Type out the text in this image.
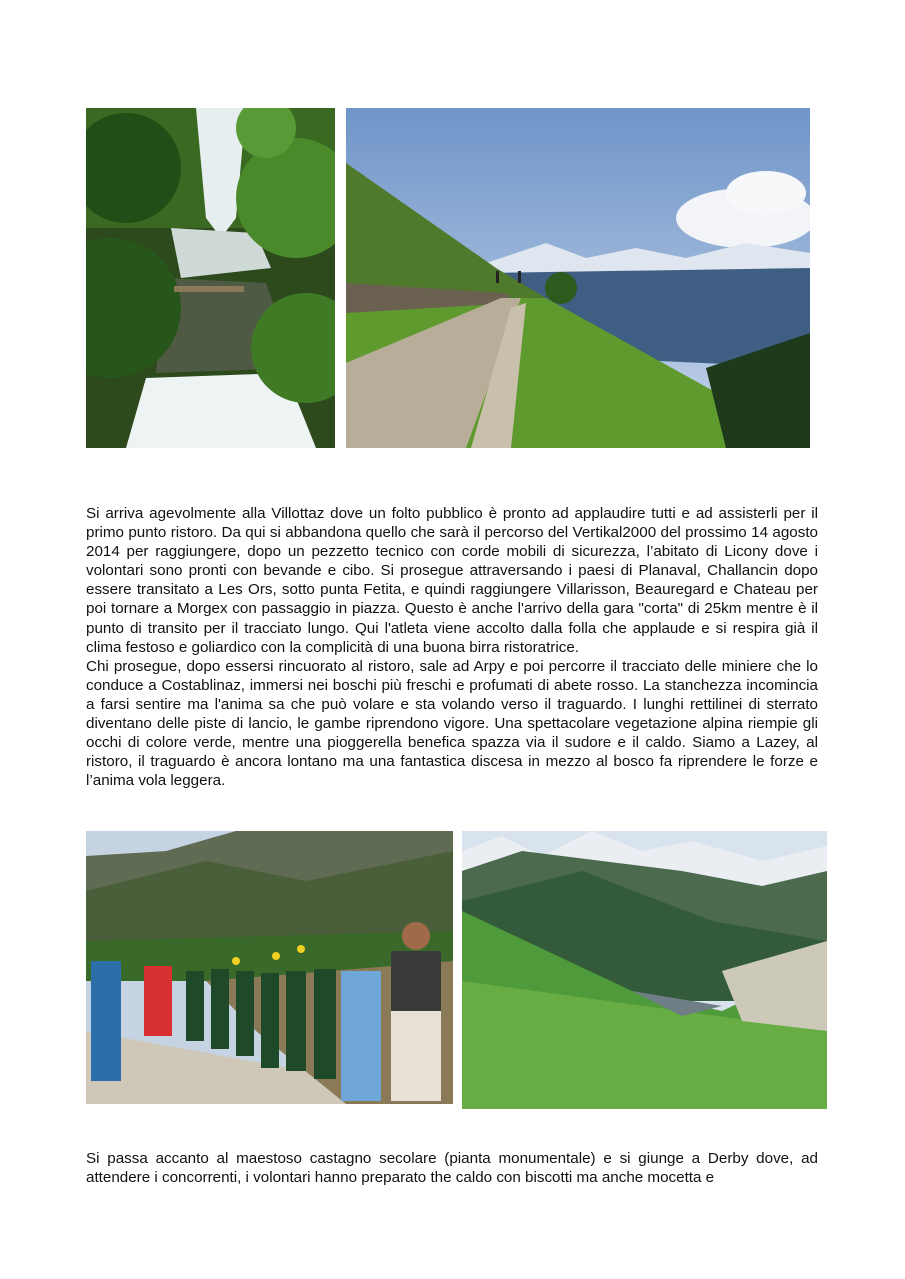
Si arriva agevolmente alla Villottaz dove un folto pubblico è pronto ad applaudire tutti e ad assisterli per il primo punto ristoro. Da qui si abbandona quello che sarà il percorso del Vertikal2000 del prossimo 14 agosto 2014 per raggiungere, dopo un pezzetto tecnico con corde mobili di sicurezza, l’abitato di Licony dove i volontari sono pronti con bevande e cibo. Si prosegue attraversando i paesi di Planaval, Challancin dopo essere transitato a Les Ors, sotto punta Fetita, e quindi raggiungere Villarisson, Beauregard e Chateau per poi tornare a Morgex con passaggio in piazza. Questo è anche l'arrivo della gara "corta" di 25km mentre è il punto di transito per il tracciato lungo. Qui l'atleta viene accolto dalla folla che applaude e si respira già il clima festoso e goliardico con la complicità di una buona birra ristoratrice.

Chi prosegue, dopo essersi rincuorato al ristoro, sale ad Arpy e poi percorre il tracciato delle miniere che lo conduce a Costablinaz, immersi nei boschi più freschi e profumati di abete rosso. La stanchezza incomincia a farsi sentire ma l'anima sa che può volare e sta volando verso il traguardo. I lunghi rettilinei di sterrato diventano delle piste di lancio, le gambe riprendono vigore. Una spettacolare vegetazione alpina riempie gli occhi di colore verde, mentre una pioggerella benefica spazza via il sudore e il caldo. Siamo a Lazey, al ristoro, il traguardo è ancora lontano ma una fantastica discesa in mezzo al bosco fa riprendere le forze e l’anima vola leggera.

Si passa accanto al maestoso castagno secolare (pianta monumentale) e si giunge a Derby dove, ad attendere i concorrenti, i volontari hanno preparato the caldo con biscotti ma anche mocetta e
